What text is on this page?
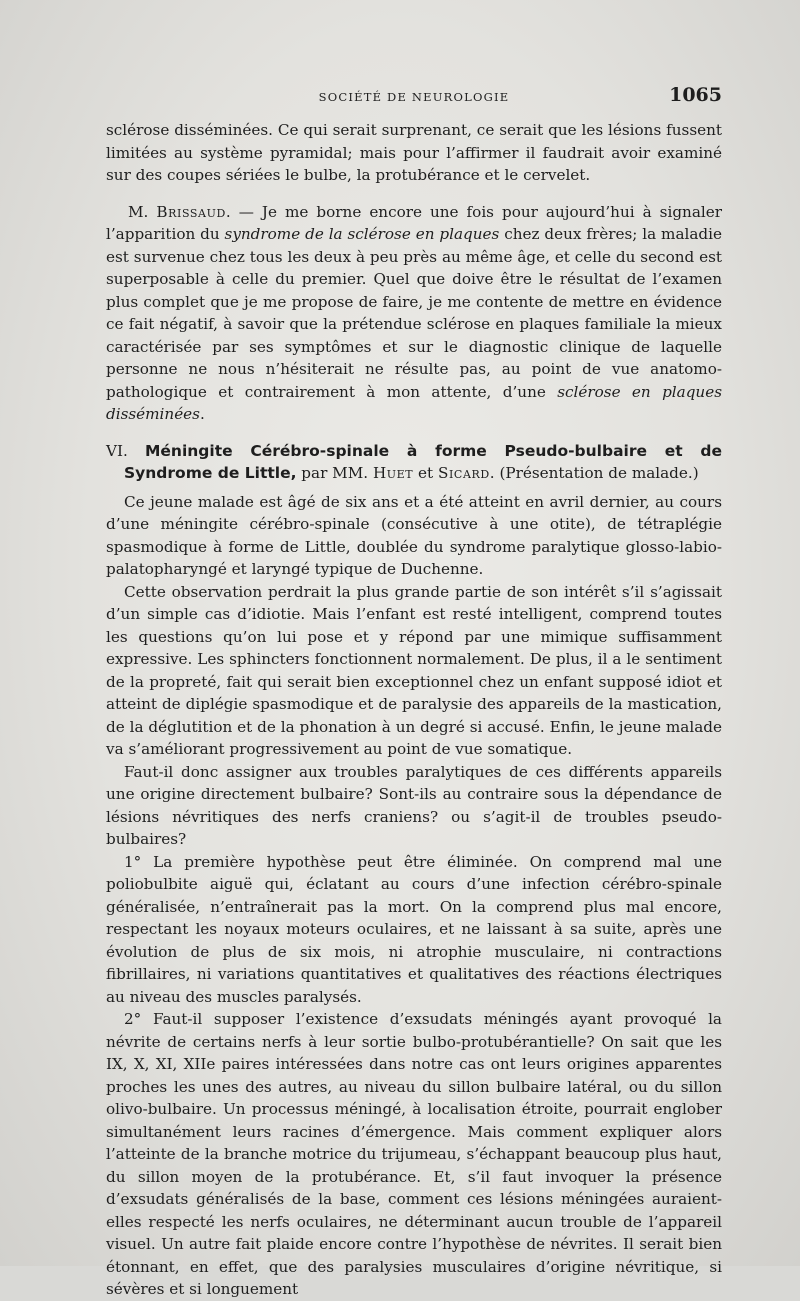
SOCIÉTÉ DE NEUROLOGIE	1065

sclérose disséminées. Ce qui serait surprenant, ce serait que les lésions fussent limitées au système pyramidal; mais pour l’affirmer il faudrait avoir examiné sur des coupes sériées le bulbe, la protubérance et le cervelet.

M. Brissaud. — Je me borne encore une fois pour aujourd’hui à signaler l’apparition du syndrome de la sclérose en plaques chez deux frères; la maladie est survenue chez tous les deux à peu près au même âge, et celle du second est superposable à celle du premier. Quel que doive être le résultat de l’examen plus complet que je me propose de faire, je me contente de mettre en évidence ce fait négatif, à savoir que la prétendue sclérose en plaques familiale la mieux caractérisée par ses symptômes et sur le diagnostic clinique de laquelle personne ne nous n’hésiterait ne résulte pas, au point de vue anatomo-pathologique et contrairement à mon attente, d’une sclérose en plaques disséminées.

VI. Méningite Cérébro-spinale à forme Pseudo-bulbaire et de Syndrome de Little, par MM. Huet et Sicard. (Présentation de malade.)

Ce jeune malade est âgé de six ans et a été atteint en avril dernier, au cours d’une méningite cérébro-spinale (consécutive à une otite), de tétraplégie spasmodique à forme de Little, doublée du syndrome paralytique glosso-labio-palatopharyngé et laryngé typique de Duchenne.

Cette observation perdrait la plus grande partie de son intérêt s’il s’agissait d’un simple cas d’idiotie. Mais l’enfant est resté intelligent, comprend toutes les questions qu’on lui pose et y répond par une mimique suffisamment expressive. Les sphincters fonctionnent normalement. De plus, il a le sentiment de la propreté, fait qui serait bien exceptionnel chez un enfant supposé idiot et atteint de diplégie spasmodique et de paralysie des appareils de la mastication, de la déglutition et de la phonation à un degré si accusé. Enfin, le jeune malade va s’améliorant progressivement au point de vue somatique.

Faut-il donc assigner aux troubles paralytiques de ces différents appareils une origine directement bulbaire? Sont-ils au contraire sous la dépendance de lésions névritiques des nerfs craniens? ou s’agit-il de troubles pseudo-bulbaires?

1° La première hypothèse peut être éliminée. On comprend mal une poliobulbite aiguë qui, éclatant au cours d’une infection cérébro-spinale généralisée, n’entraînerait pas la mort. On la comprend plus mal encore, respectant les noyaux moteurs oculaires, et ne laissant à sa suite, après une évolution de plus de six mois, ni atrophie musculaire, ni contractions fibrillaires, ni variations quantitatives et qualitatives des réactions électriques au niveau des muscles paralysés.

2° Faut-il supposer l’existence d’exsudats méningés ayant provoqué la névrite de certains nerfs à leur sortie bulbo-protubérantielle? On sait que les IX, X, XI, XIIe paires intéressées dans notre cas ont leurs origines apparentes proches les unes des autres, au niveau du sillon bulbaire latéral, ou du sillon olivo-bulbaire. Un processus méningé, à localisation étroite, pourrait englober simultanément leurs racines d’émergence. Mais comment expliquer alors l’atteinte de la branche motrice du trijumeau, s’échappant beaucoup plus haut, du sillon moyen de la protubérance. Et, s’il faut invoquer la présence d’exsudats généralisés de la base, comment ces lésions méningées auraient-elles respecté les nerfs oculaires, ne déterminant aucun trouble de l’appareil visuel. Un autre fait plaide encore contre l’hypothèse de névrites. Il serait bien étonnant, en effet, que des paralysies musculaires d’origine névritique, si sévères et si longuement
